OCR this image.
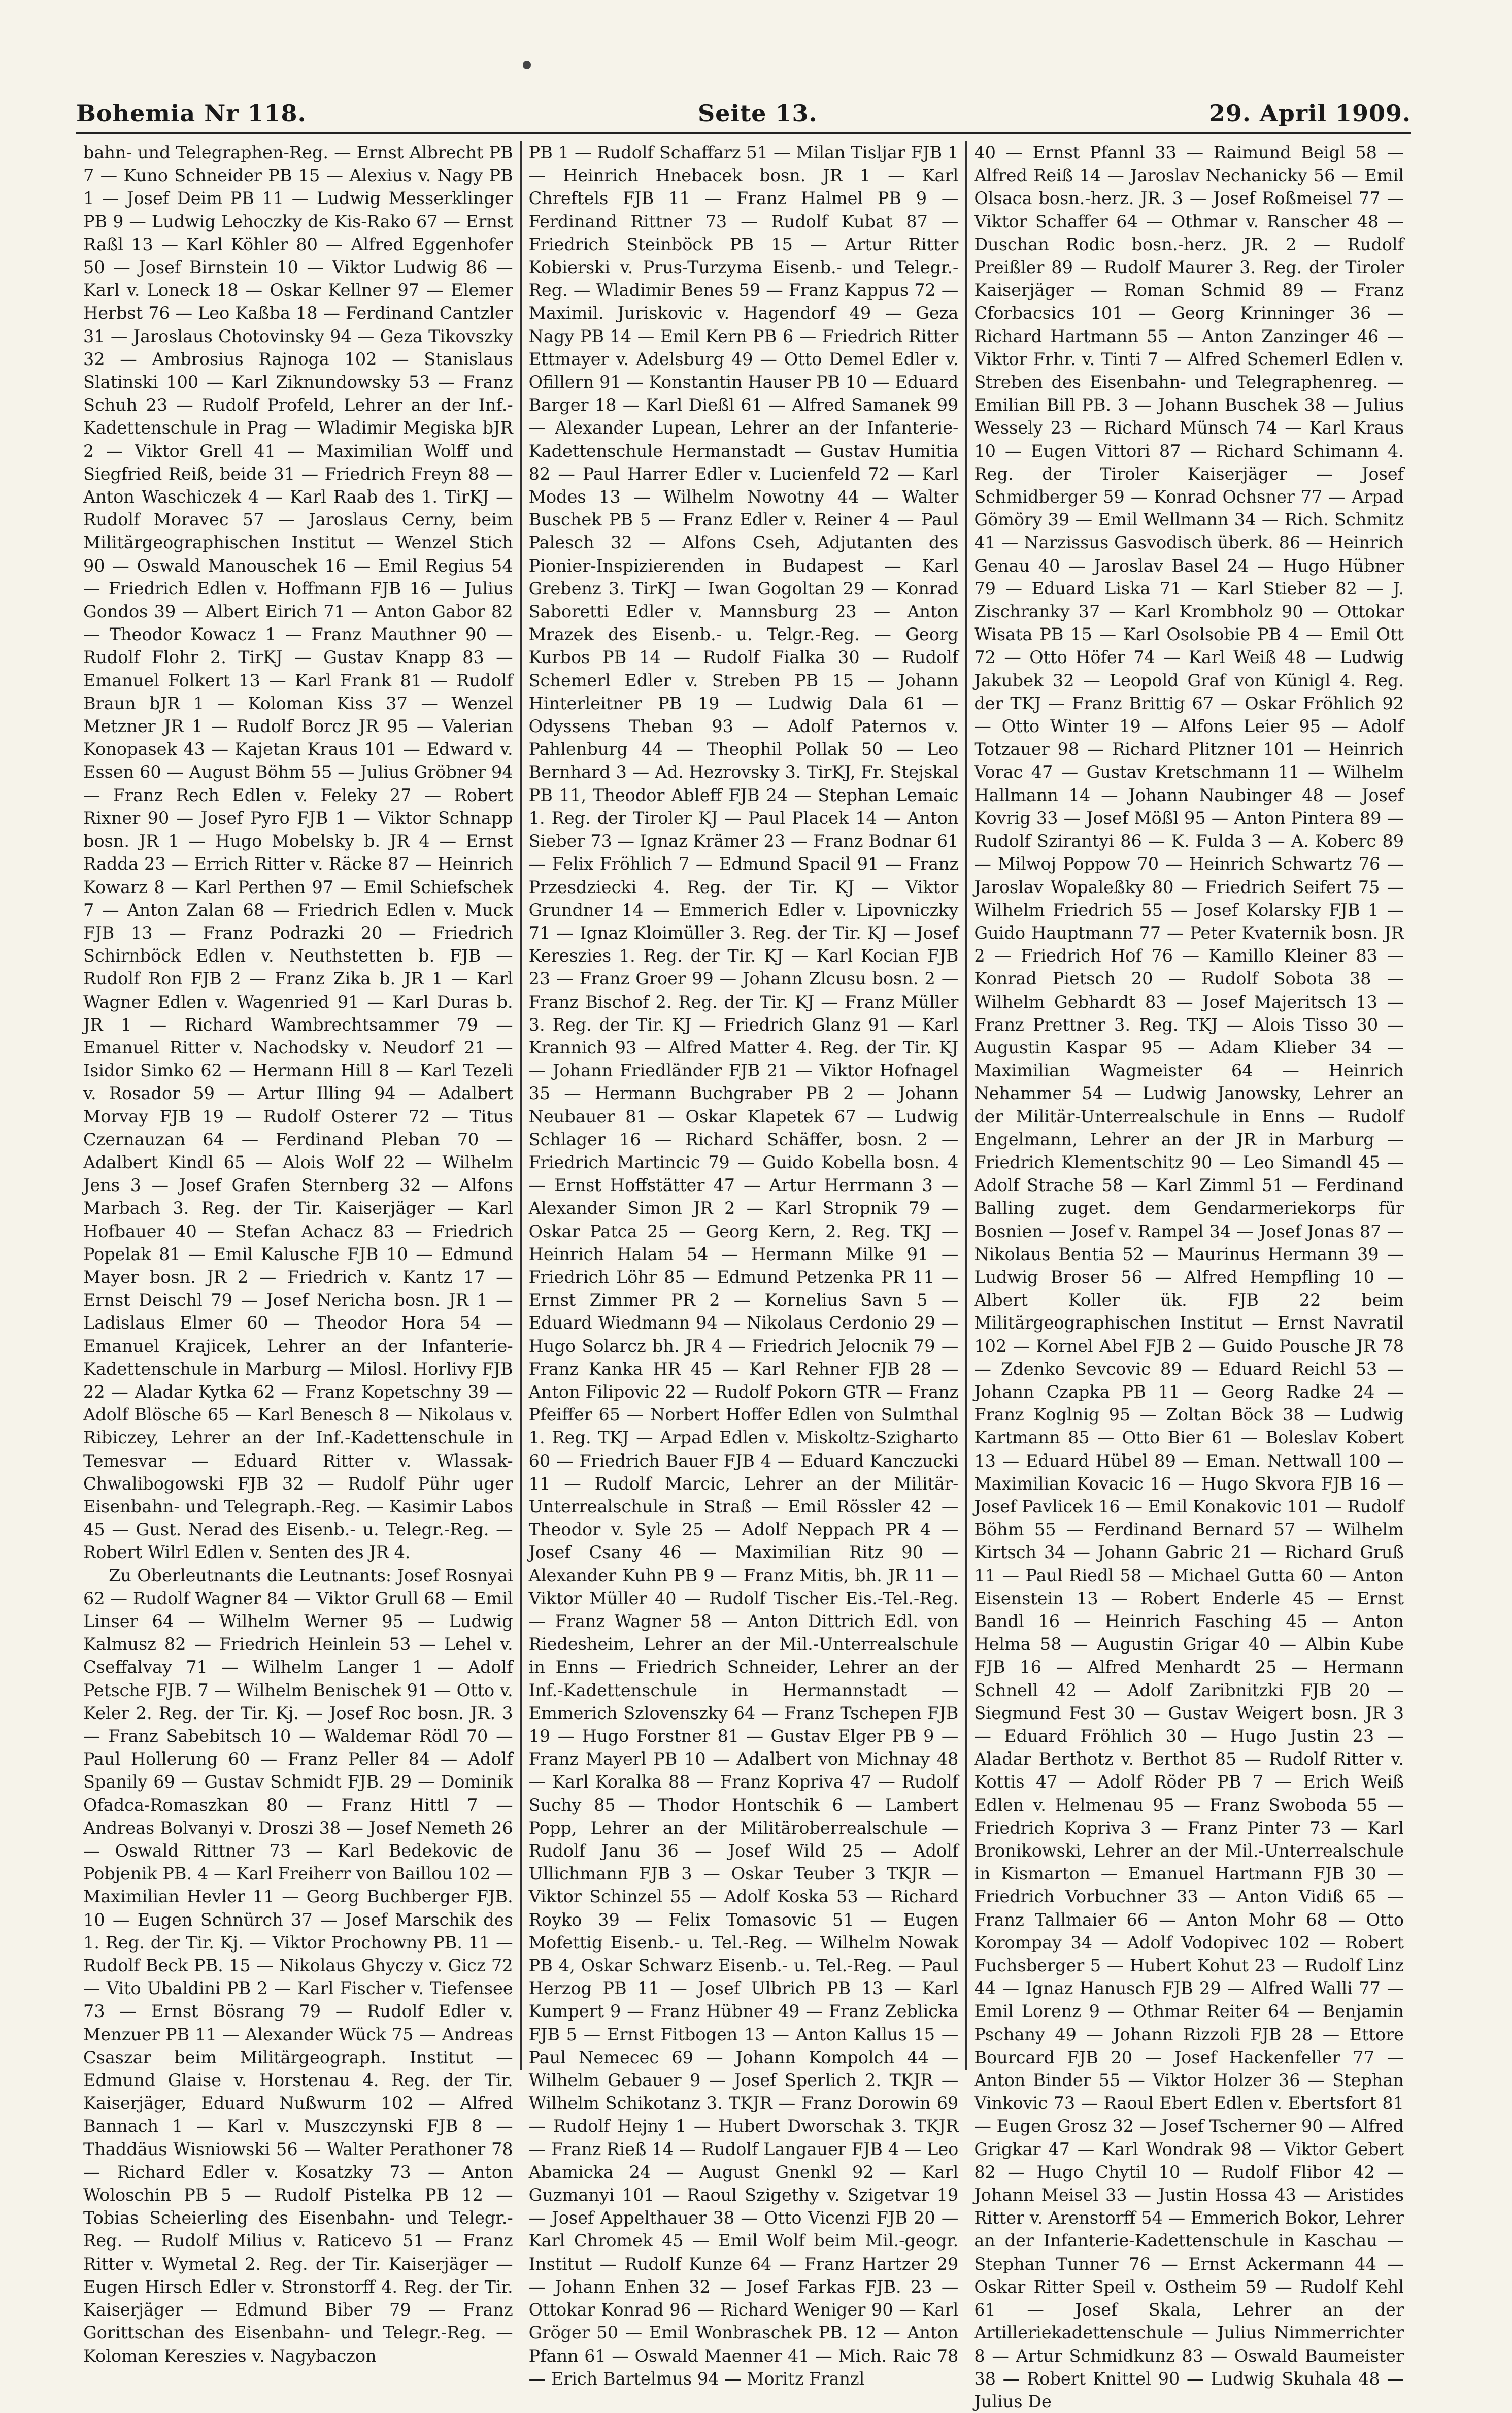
Bohemia Nr 118.	Seite 13.	29. April 1909.

bahn- und Telegraphen-Reg. — Ernst Albrecht PB 7 — Kuno Schneider PB 15 — Alexius v. Nagy PB 1 — Josef Deim PB 11 — Ludwig Messerklinger PB 9 — Ludwig Lehoczky de Kis-Rako 67 — Ernst Raßl 13 — Karl Köhler 80 — Alfred Eggenhofer 50 — Josef Birnstein 10 — Viktor Ludwig 86 — Karl v. Loneck 18 — Oskar Kellner 97 — Elemer Herbst 76 — Leo Kaßba 18 — Ferdinand Cantzler 31 — Jaroslaus Chotovinsky 94 — Geza Tikovszky 32 — Ambrosius Rajnoga 102 — Stanislaus Slatinski 100 — Karl Ziknundowsky 53 — Franz Schuh 23 — Rudolf Profeld, Lehrer an der Inf.-Kadettenschule in Prag — Wladimir Megiska bJR 2 — Viktor Grell 41 — Maximilian Wolff und Siegfried Reiß, beide 31 — Friedrich Freyn 88 — Anton Waschiczek 4 — Karl Raab des 1. TirKJ — Rudolf Moravec 57 — Jaroslaus Cerny, beim Militärgeographischen Institut — Wenzel Stich 90 — Oswald Manouschek 16 — Emil Regius 54 — Friedrich Edlen v. Hoffmann FJB 16 — Julius Gondos 39 — Albert Eirich 71 — Anton Gabor 82 — Theodor Kowacz 1 — Franz Mauthner 90 — Rudolf Flohr 2. TirKJ — Gustav Knapp 83 — Emanuel Folkert 13 — Karl Frank 81 — Rudolf Braun bJR 1 — Koloman Kiss 37 — Wenzel Metzner JR 1 — Rudolf Borcz JR 95 — Valerian Konopasek 43 — Kajetan Kraus 101 — Edward v. Essen 60 — August Böhm 55 — Julius Gröbner 94 — Franz Rech Edlen v. Feleky 27 — Robert Rixner 90 — Josef Pyro FJB 1 — Viktor Schnapp bosn. JR 1 — Hugo Mobelsky b. JR 4 — Ernst Radda 23 — Errich Ritter v. Räcke 87 — Heinrich Kowarz 8 — Karl Perthen 97 — Emil Schiefschek 7 — Anton Zalan 68 — Friedrich Edlen v. Muck FJB 13 — Franz Podrazki 20 — Friedrich Schirnböck Edlen v. Neuthstetten b. FJB — Rudolf Ron FJB 2 — Franz Zika b. JR 1 — Karl Wagner Edlen v. Wagenried 91 — Karl Duras b. JR 1 — Richard Wambrechtsammer 79 — Emanuel Ritter v. Nachodsky v. Neudorf 21 — Isidor Simko 62 — Hermann Hill 8 — Karl Tezeli v. Rosador 59 — Artur Illing 94 — Adalbert Morvay FJB 19 — Rudolf Osterer 72 — Titus Czernauzan 64 — Ferdinand Pleban 70 — Adalbert Kindl 65 — Alois Wolf 22 — Wilhelm Jens 3 — Josef Grafen Sternberg 32 — Alfons Marbach 3. Reg. der Tir. Kaiserjäger — Karl Hofbauer 40 — Stefan Achacz 83 — Friedrich Popelak 81 — Emil Kalusche FJB 10 — Edmund Mayer bosn. JR 2 — Friedrich v. Kantz 17 — Ernst Deischl 79 — Josef Nericha bosn. JR 1 — Ladislaus Elmer 60 — Theodor Hora 54 — Emanuel Krajicek, Lehrer an der Infanterie-Kadettenschule in Marburg — Milosl. Horlivy FJB 22 — Aladar Kytka 62 — Franz Kopetschny 39 — Adolf Blösche 65 — Karl Benesch 8 — Nikolaus v. Ribiczey, Lehrer an der Inf.-Kadettenschule in Temesvar — Eduard Ritter v. Wlassak-Chwalibogowski FJB 32 — Rudolf Pühr uger Eisenbahn- und Telegraph.-Reg. — Kasimir Labos 45 — Gust. Nerad des Eisenb.- u. Telegr.-Reg. — Robert Wilrl Edlen v. Senten des JR 4.

Zu Oberleutnants die Leutnants: Josef Rosnyai 62 — Rudolf Wagner 84 — Viktor Grull 68 — Emil Linser 64 — Wilhelm Werner 95 — Ludwig Kalmusz 82 — Friedrich Heinlein 53 — Lehel v. Cseffalvay 71 — Wilhelm Langer 1 — Adolf Petsche FJB. 7 — Wilhelm Benischek 91 — Otto v. Keler 2. Reg. der Tir. Kj. — Josef Roc bosn. JR. 3 — Franz Sabebitsch 10 — Waldemar Rödl 70 — Paul Hollerung 60 — Franz Peller 84 — Adolf Spanily 69 — Gustav Schmidt FJB. 29 — Dominik Ofadca-Romaszkan 80 — Franz Hittl 7 — Andreas Bolvanyi v. Droszi 38 — Josef Nemeth 26 — Oswald Rittner 73 — Karl Bedekovic de Pobjenik PB. 4 — Karl Freiherr von Baillou 102 — Maximilian Hevler 11 — Georg Buchberger FJB. 10 — Eugen Schnürch 37 — Josef Marschik des 1. Reg. der Tir. Kj. — Viktor Prochowny PB. 11 — Rudolf Beck PB. 15 — Nikolaus Ghyczy v. Gicz 72 — Vito Ubaldini PB 2 — Karl Fischer v. Tiefensee 73 — Ernst Bösrang 79 — Rudolf Edler v. Menzuer PB 11 — Alexander Wück 75 — Andreas Csaszar beim Militärgeograph. Institut — Edmund Glaise v. Horstenau 4. Reg. der Tir. Kaiserjäger, Eduard Nußwurm 102 — Alfred Bannach 1 — Karl v. Muszczynski FJB 8 — Thaddäus Wisniowski 56 — Walter Perathoner 78 — Richard Edler v. Kosatzky 73 — Anton Woloschin PB 5 — Rudolf Pistelka PB 12 — Tobias Scheierling des Eisenbahn- und Telegr.-Reg. — Rudolf Milius v. Raticevo 51 — Franz Ritter v. Wymetal 2. Reg. der Tir. Kaiserjäger — Eugen Hirsch Edler v. Stronstorff 4. Reg. der Tir. Kaiserjäger — Edmund Biber 79 — Franz Gorittschan des Eisenbahn- und Telegr.-Reg. — Koloman Kereszies v. Nagybaczon

PB 1 — Rudolf Schaffarz 51 — Milan Tisljar FJB 1 — Heinrich Hnebacek bosn. JR 1 — Karl Chreftels FJB 11 — Franz Halmel PB 9 — Ferdinand Rittner 73 — Rudolf Kubat 87 — Friedrich Steinböck PB 15 — Artur Ritter Kobierski v. Prus-Turzyma Eisenb.- und Telegr.-Reg. — Wladimir Benes 59 — Franz Kappus 72 — Maximil. Juriskovic v. Hagendorf 49 — Geza Nagy PB 14 — Emil Kern PB 6 — Friedrich Ritter Ettmayer v. Adelsburg 49 — Otto Demel Edler v. Ofillern 91 — Konstantin Hauser PB 10 — Eduard Barger 18 — Karl Dießl 61 — Alfred Samanek 99 — Alexander Lupean, Lehrer an der Infanterie-Kadettenschule Hermanstadt — Gustav Humitia 82 — Paul Harrer Edler v. Lucienfeld 72 — Karl Modes 13 — Wilhelm Nowotny 44 — Walter Buschek PB 5 — Franz Edler v. Reiner 4 — Paul Palesch 32 — Alfons Cseh, Adjutanten des Pionier-Inspizierenden in Budapest — Karl Grebenz 3. TirKJ — Iwan Gogoltan 29 — Konrad Saboretti Edler v. Mannsburg 23 — Anton Mrazek des Eisenb.- u. Telgr.-Reg. — Georg Kurbos PB 14 — Rudolf Fialka 30 — Rudolf Schemerl Edler v. Streben PB 15 — Johann Hinterleitner PB 19 — Ludwig Dala 61 — Odyssens Theban 93 — Adolf Paternos v. Pahlenburg 44 — Theophil Pollak 50 — Leo Bernhard 3 — Ad. Hezrovsky 3. TirKJ, Fr. Stejskal PB 11, Theodor Ableff FJB 24 — Stephan Lemaic 1. Reg. der Tiroler KJ — Paul Placek 14 — Anton Sieber 73 — Ignaz Krämer 23 — Franz Bodnar 61 — Felix Fröhlich 7 — Edmund Spacil 91 — Franz Przesdziecki 4. Reg. der Tir. KJ — Viktor Grundner 14 — Emmerich Edler v. Lipovniczky 71 — Ignaz Kloimüller 3. Reg. der Tir. KJ — Josef Kereszies 1. Reg. der Tir. KJ — Karl Kocian FJB 23 — Franz Groer 99 — Johann Zlcusu bosn. 2 — Franz Bischof 2. Reg. der Tir. KJ — Franz Müller 3. Reg. der Tir. KJ — Friedrich Glanz 91 — Karl Krannich 93 — Alfred Matter 4. Reg. der Tir. KJ — Johann Friedländer FJB 21 — Viktor Hofnagel 35 — Hermann Buchgraber PB 2 — Johann Neubauer 81 — Oskar Klapetek 67 — Ludwig Schlager 16 — Richard Schäffer, bosn. 2 — Friedrich Martincic 79 — Guido Kobella bosn. 4 — Ernst Hoffstätter 47 — Artur Herrmann 3 — Alexander Simon JR 2 — Karl Stropnik 79 — Oskar Patca 25 — Georg Kern, 2. Reg. TKJ — Heinrich Halam 54 — Hermann Milke 91 — Friedrich Löhr 85 — Edmund Petzenka PR 11 — Ernst Zimmer PR 2 — Kornelius Savn 5 — Eduard Wiedmann 94 — Nikolaus Cerdonio 29 — Hugo Solarcz bh. JR 4 — Friedrich Jelocnik 79 — Franz Kanka HR 45 — Karl Rehner FJB 28 — Anton Filipovic 22 — Rudolf Pokorn GTR — Franz Pfeiffer 65 — Norbert Hoffer Edlen von Sulmthal 1. Reg. TKJ — Arpad Edlen v. Miskoltz-Szigharto 60 — Friedrich Bauer FJB 4 — Eduard Kanczucki 11 — Rudolf Marcic, Lehrer an der Militär-Unterrealschule in Straß — Emil Rössler 42 — Theodor v. Syle 25 — Adolf Neppach PR 4 — Josef Csany 46 — Maximilian Ritz 90 — Alexander Kuhn PB 9 — Franz Mitis, bh. JR 11 — Viktor Müller 40 — Rudolf Tischer Eis.-Tel.-Reg. — Franz Wagner 58 — Anton Dittrich Edl. von Riedesheim, Lehrer an der Mil.-Unterrealschule in Enns — Friedrich Schneider, Lehrer an der Inf.-Kadettenschule in Hermannstadt — Emmerich Szlovenszky 64 — Franz Tschepen FJB 19 — Hugo Forstner 81 — Gustav Elger PB 9 — Franz Mayerl PB 10 — Adalbert von Michnay 48 — Karl Koralka 88 — Franz Kopriva 47 — Rudolf Suchy 85 — Thodor Hontschik 6 — Lambert Popp, Lehrer an der Militäroberrealschule — Rudolf Janu 36 — Josef Wild 25 — Adolf Ullichmann FJB 3 — Oskar Teuber 3 TKJR — Viktor Schinzel 55 — Adolf Koska 53 — Richard Royko 39 — Felix Tomasovic 51 — Eugen Mofettig Eisenb.- u. Tel.-Reg. — Wilhelm Nowak PB 4, Oskar Schwarz Eisenb.- u. Tel.-Reg. — Paul Herzog PB 11 — Josef Ulbrich PB 13 — Karl Kumpert 9 — Franz Hübner 49 — Franz Zeblicka FJB 5 — Ernst Fitbogen 13 — Anton Kallus 15 — Paul Nemecec 69 — Johann Kompolch 44 — Wilhelm Gebauer 9 — Josef Sperlich 2. TKJR — Wilhelm Schikotanz 3. TKJR — Franz Dorowin 69 — Rudolf Hejny 1 — Hubert Dworschak 3. TKJR — Franz Rieß 14 — Rudolf Langauer FJB 4 — Leo Abamicka 24 — August Gnenkl 92 — Karl Guzmanyi 101 — Raoul Szigethy v. Szigetvar 19 — Josef Appelthauer 38 — Otto Vicenzi FJB 20 — Karl Chromek 45 — Emil Wolf beim Mil.-geogr. Institut — Rudolf Kunze 64 — Franz Hartzer 29 — Johann Enhen 32 — Josef Farkas FJB. 23 — Ottokar Konrad 96 — Richard Weniger 90 — Karl Gröger 50 — Emil Wonbraschek PB. 12 — Anton Pfann 61 — Oswald Maenner 41 — Mich. Raic 78 — Erich Bartelmus 94 — Moritz Franzl

40 — Ernst Pfannl 33 — Raimund Beigl 58 — Alfred Reiß 14 — Jaroslav Nechanicky 56 — Emil Olsaca bosn.-herz. JR. 3 — Josef Roßmeisel 77 — Viktor Schaffer 64 — Othmar v. Ranscher 48 — Duschan Rodic bosn.-herz. JR. 2 — Rudolf Preißler 89 — Rudolf Maurer 3. Reg. der Tiroler Kaiserjäger — Roman Schmid 89 — Franz Cforbacsics 101 — Georg Krinninger 36 — Richard Hartmann 55 — Anton Zanzinger 46 — Viktor Frhr. v. Tinti 7 — Alfred Schemerl Edlen v. Streben des Eisenbahn- und Telegraphenreg. — Emilian Bill PB. 3 — Johann Buschek 38 — Julius Wessely 23 — Richard Münsch 74 — Karl Kraus 10 — Eugen Vittori 87 — Richard Schimann 4. Reg. der Tiroler Kaiserjäger — Josef Schmidberger 59 — Konrad Ochsner 77 — Arpad Gömöry 39 — Emil Wellmann 34 — Rich. Schmitz 41 — Narzissus Gasvodisch überk. 86 — Heinrich Genau 40 — Jaroslav Basel 24 — Hugo Hübner 79 — Eduard Liska 71 — Karl Stieber 82 — J. Zischranky 37 — Karl Krombholz 90 — Ottokar Wisata PB 15 — Karl Osolsobie PB 4 — Emil Ott 72 — Otto Höfer 74 — Karl Weiß 48 — Ludwig Jakubek 32 — Leopold Graf von Künigl 4. Reg. der TKJ — Franz Brittig 67 — Oskar Fröhlich 92 — Otto Winter 19 — Alfons Leier 95 — Adolf Totzauer 98 — Richard Plitzner 101 — Heinrich Vorac 47 — Gustav Kretschmann 11 — Wilhelm Hallmann 14 — Johann Naubinger 48 — Josef Kovrig 33 — Josef Mößl 95 — Anton Pintera 89 — Rudolf Szirantyi 86 — K. Fulda 3 — A. Koberc 89 — Milwoj Poppow 70 — Heinrich Schwartz 76 — Jaroslav Wopaleßky 80 — Friedrich Seifert 75 — Wilhelm Friedrich 55 — Josef Kolarsky FJB 1 — Guido Hauptmann 77 — Peter Kvaternik bosn. JR 2 — Friedrich Hof 76 — Kamillo Kleiner 83 — Konrad Pietsch 20 — Rudolf Sobota 38 — Wilhelm Gebhardt 83 — Josef Majeritsch 13 — Franz Prettner 3. Reg. TKJ — Alois Tisso 30 — Augustin Kaspar 95 — Adam Klieber 34 — Maximilian Wagmeister 64 — Heinrich Nehammer 54 — Ludwig Janowsky, Lehrer an der Militär-Unterrealschule in Enns — Rudolf Engelmann, Lehrer an der JR in Marburg — Friedrich Klementschitz 90 — Leo Simandl 45 — Adolf Strache 58 — Karl Zimml 51 — Ferdinand Balling zuget. dem Gendarmeriekorps für Bosnien — Josef v. Rampel 34 — Josef Jonas 87 — Nikolaus Bentia 52 — Maurinus Hermann 39 — Ludwig Broser 56 — Alfred Hempfling 10 — Albert Koller ük. FJB 22 beim Militärgeographischen Institut — Ernst Navratil 102 — Kornel Abel FJB 2 — Guido Pousche JR 78 — Zdenko Sevcovic 89 — Eduard Reichl 53 — Johann Czapka PB 11 — Georg Radke 24 — Franz Koglnig 95 — Zoltan Böck 38 — Ludwig Kartmann 85 — Otto Bier 61 — Boleslav Kobert 13 — Eduard Hübel 89 — Eman. Nettwall 100 — Maximilian Kovacic 16 — Hugo Skvora FJB 16 — Josef Pavlicek 16 — Emil Konakovic 101 — Rudolf Böhm 55 — Ferdinand Bernard 57 — Wilhelm Kirtsch 34 — Johann Gabric 21 — Richard Gruß 11 — Paul Riedl 58 — Michael Gutta 60 — Anton Eisenstein 13 — Robert Enderle 45 — Ernst Bandl 16 — Heinrich Fasching 45 — Anton Helma 58 — Augustin Grigar 40 — Albin Kube FJB 16 — Alfred Menhardt 25 — Hermann Schnell 42 — Adolf Zaribnitzki FJB 20 — Siegmund Fest 30 — Gustav Weigert bosn. JR 3 — Eduard Fröhlich 30 — Hugo Justin 23 — Aladar Berthotz v. Berthot 85 — Rudolf Ritter v. Kottis 47 — Adolf Röder PB 7 — Erich Weiß Edlen v. Helmenau 95 — Franz Swoboda 55 — Friedrich Kopriva 3 — Franz Pinter 73 — Karl Bronikowski, Lehrer an der Mil.-Unterrealschule in Kismarton — Emanuel Hartmann FJB 30 — Friedrich Vorbuchner 33 — Anton Vidiß 65 — Franz Tallmaier 66 — Anton Mohr 68 — Otto Korompay 34 — Adolf Vodopivec 102 — Robert Fuchsberger 5 — Hubert Kohut 23 — Rudolf Linz 44 — Ignaz Hanusch FJB 29 — Alfred Walli 77 — Emil Lorenz 9 — Othmar Reiter 64 — Benjamin Pschany 49 — Johann Rizzoli FJB 28 — Ettore Bourcard FJB 20 — Josef Hackenfeller 77 — Anton Binder 55 — Viktor Holzer 36 — Stephan Vinkovic 73 — Raoul Ebert Edlen v. Ebertsfort 81 — Eugen Grosz 32 — Josef Tscherner 90 — Alfred Grigkar 47 — Karl Wondrak 98 — Viktor Gebert 82 — Hugo Chytil 10 — Rudolf Flibor 42 — Johann Meisel 33 — Justin Hossa 43 — Aristides Ritter v. Arenstorff 54 — Emmerich Bokor, Lehrer an der Infanterie-Kadettenschule in Kaschau — Stephan Tunner 76 — Ernst Ackermann 44 — Oskar Ritter Speil v. Ostheim 59 — Rudolf Kehl 61 — Josef Skala, Lehrer an der Artilleriekadettenschule — Julius Nimmerrichter 8 — Artur Schmidkunz 83 — Oswald Baumeister 38 — Robert Knittel 90 — Ludwig Skuhala 48 — Julius De
